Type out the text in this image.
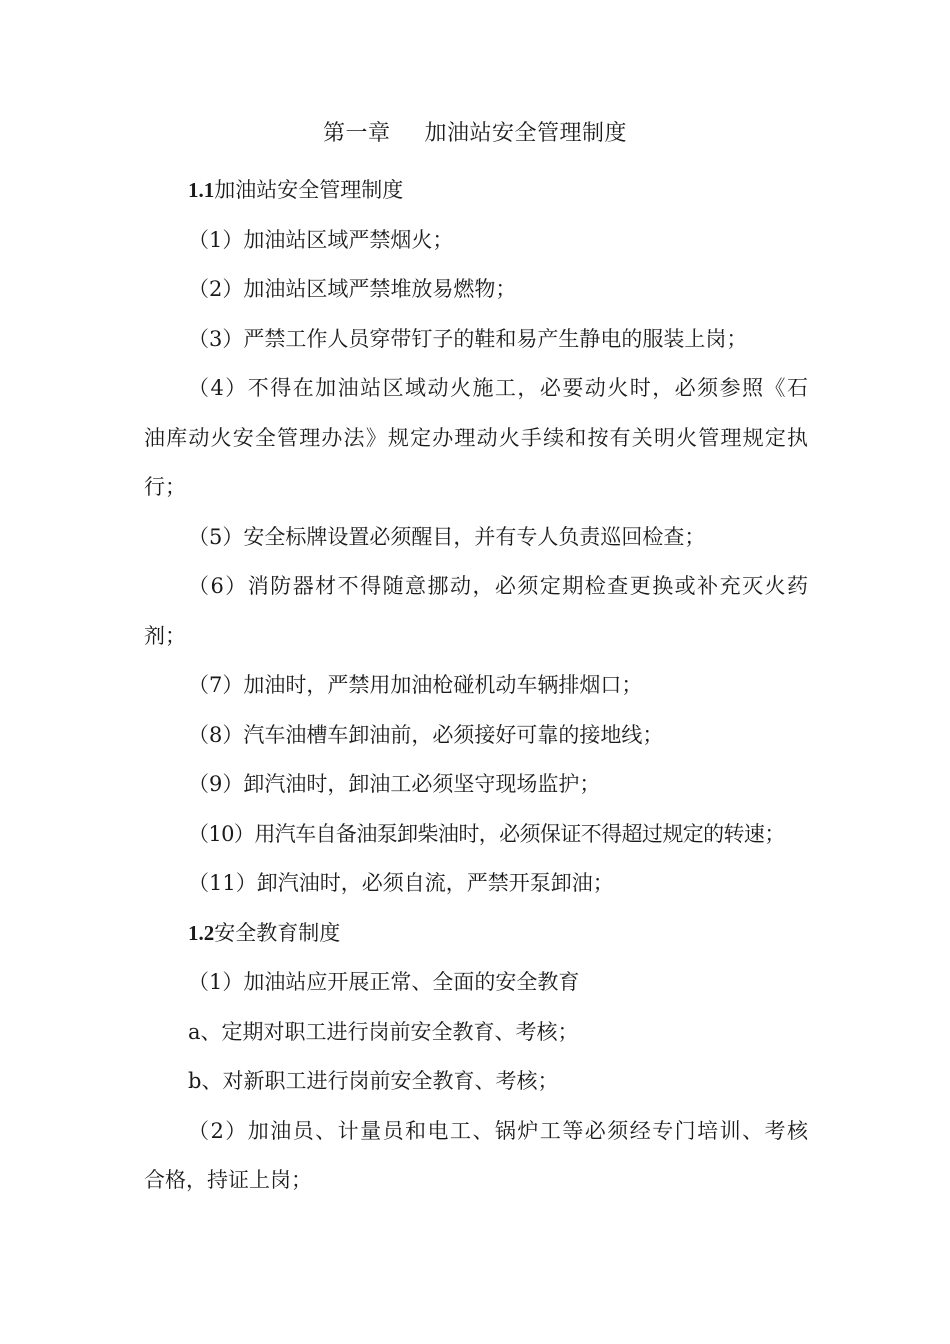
第一章 加油站安全管理制度

1.1加油站安全管理制度

（1）加油站区域严禁烟火；

（2）加油站区域严禁堆放易燃物；

（3）严禁工作人员穿带钉子的鞋和易产生静电的服装上岗；

（4）不得在加油站区域动火施工，必要动火时，必须参照《石

油库动火安全管理办法》规定办理动火手续和按有关明火管理规定执

行；

（5）安全标牌设置必须醒目，并有专人负责巡回检查；

（6）消防器材不得随意挪动，必须定期检查更换或补充灭火药

剂；

（7）加油时，严禁用加油枪碰机动车辆排烟口；

（8）汽车油槽车卸油前，必须接好可靠的接地线；

（9）卸汽油时，卸油工必须坚守现场监护；

（10）用汽车自备油泵卸柴油时，必须保证不得超过规定的转速；

（11）卸汽油时，必须自流，严禁开泵卸油；

1.2安全教育制度

（1）加油站应开展正常、全面的安全教育

a、定期对职工进行岗前安全教育、考核；

b、对新职工进行岗前安全教育、考核；

（2）加油员、计量员和电工、锅炉工等必须经专门培训、考核

合格，持证上岗；
